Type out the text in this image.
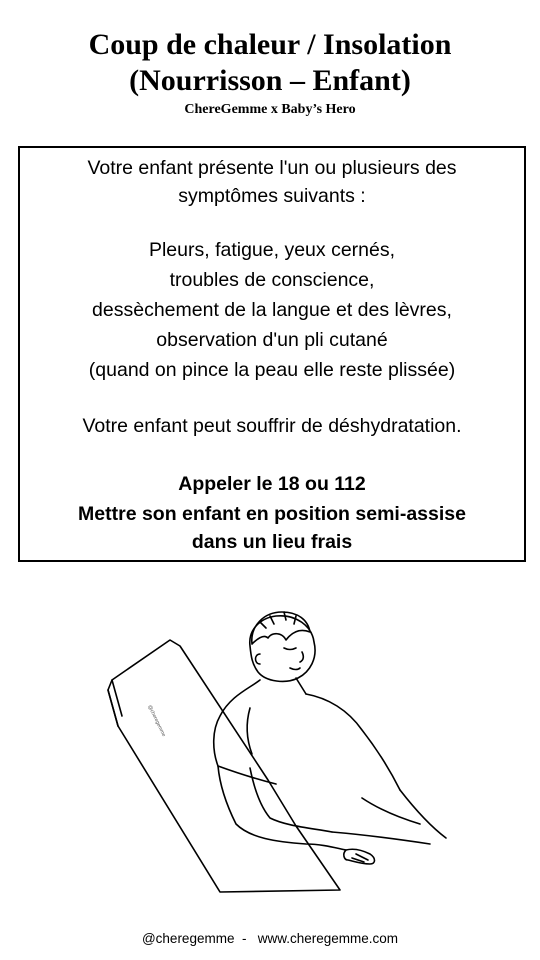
Coup de chaleur / Insolation
(Nourrisson – Enfant)
ChereGemme x Baby’s Hero
Votre enfant présente l'un ou plusieurs des
symptômes suivants :
Pleurs, fatigue, yeux cernés,
troubles de conscience,
dessèchement de la langue et des lèvres,
observation d'un pli cutané
(quand on pince la peau elle reste plissée)
Votre enfant peut souffrir de déshydratation.
Appeler le 18 ou 112
Mettre son enfant en position semi-assise
dans un lieu frais
@cheregemme
@cheregemme  -   www.cheregemme.com
